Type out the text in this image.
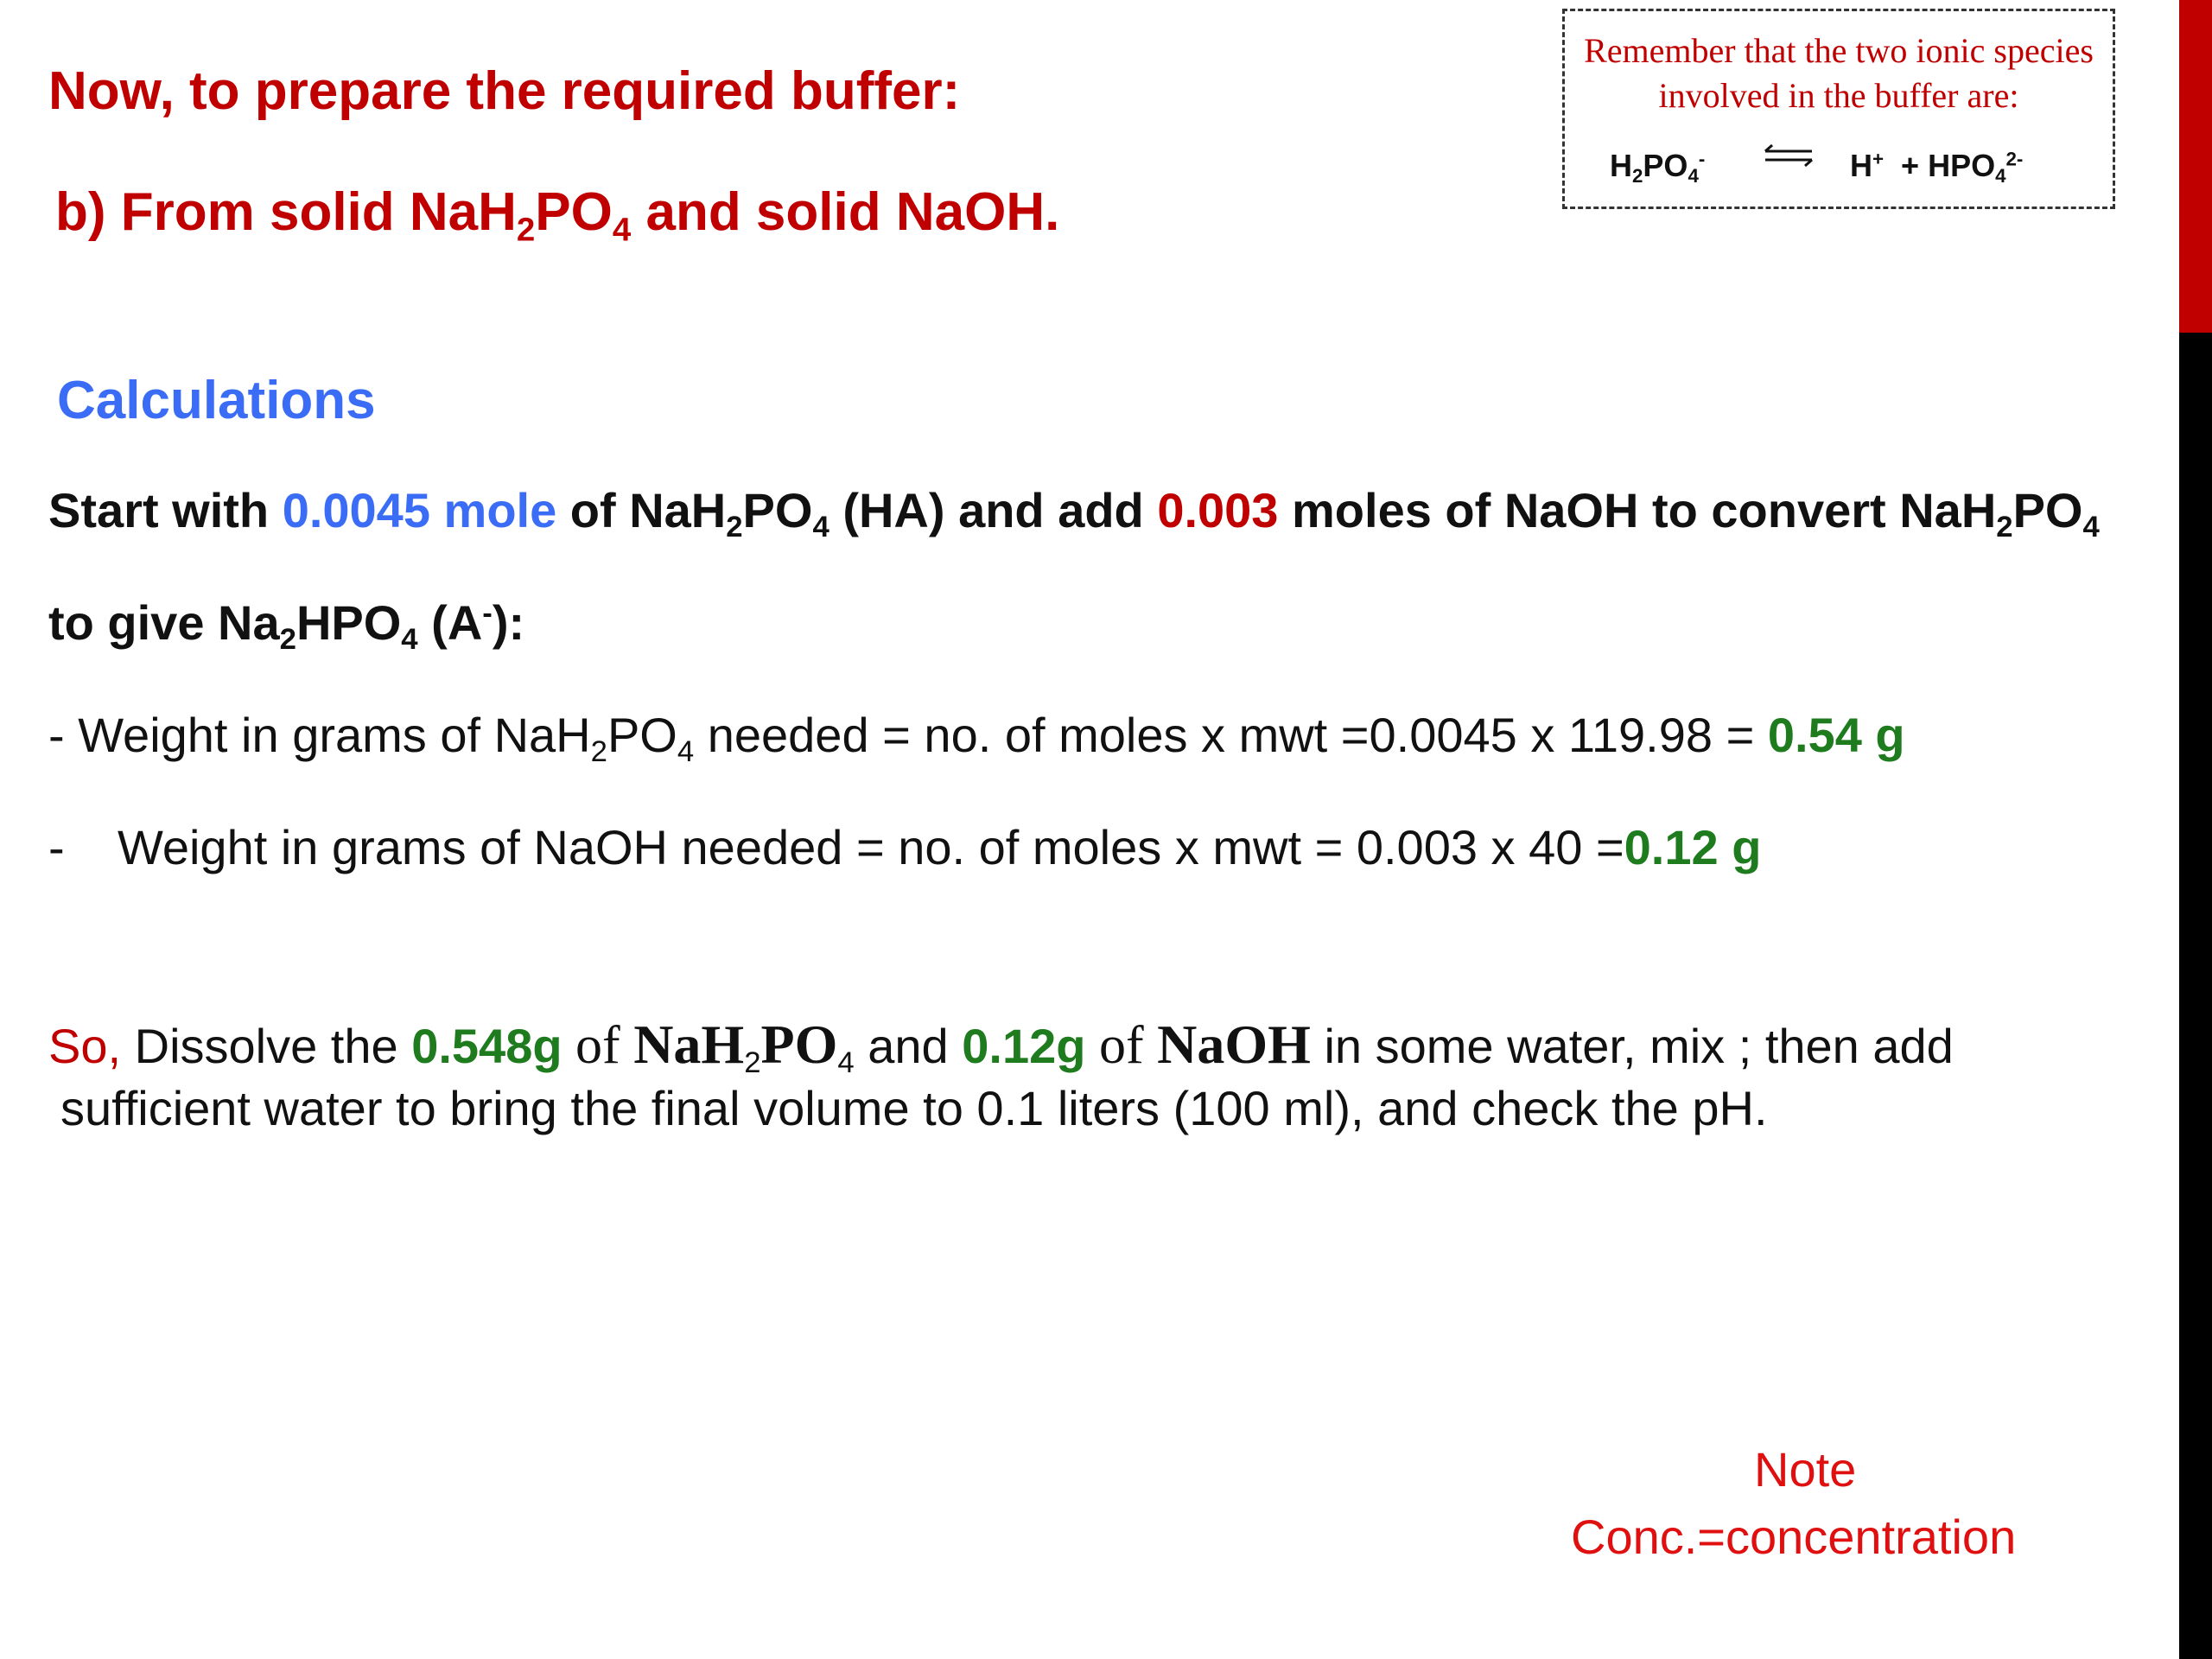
Now, to prepare the required buffer:
b) From solid $NaH_2PO_4$ and solid NaOH.
Remember that the two ionic species involved in the buffer are:
$H_2PO_4^-$ ⇌ $H^+ + HPO_4^{2-}$
Calculations
Start with 0.0045 mole of $NaH_2PO_4$ (HA) and add 0.003 moles of NaOH to convert $NaH_2PO_4$
to give $Na_2HPO_4$ (A-):
- Weight in grams of $NaH_2PO_4$ needed = no. of moles x mwt =0.0045 x 119.98 = 0.54 g
- Weight in grams of NaOH needed = no. of moles x mwt = 0.003 x 40 =0.12 g
So, Dissolve the 0.548g of $NaH_2PO_4$ and 0.12g of NaOH in some water, mix ; then add
sufficient water to bring the final volume to 0.1 liters (100 ml), and check the pH.
Note
Conc.=concentration
